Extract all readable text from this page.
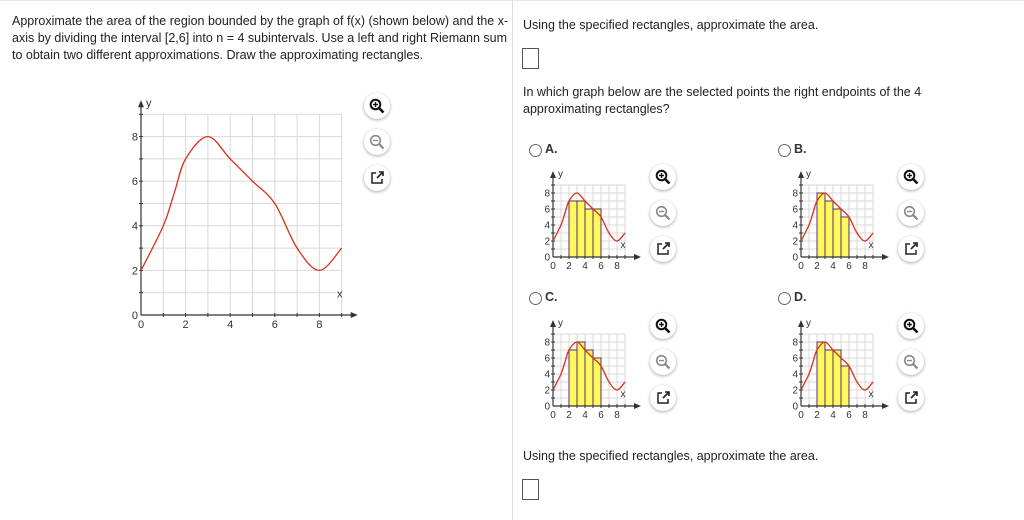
Approximate the area of the region bounded by the graph of f(x) (shown below) and the x-axis by dividing the interval [2,6] into n = 4 subintervals. Use a left and right Riemann sum to obtain two different approximations. Draw the approximating rectangles.
0	2	4	6	8
0
2
4
6
8
x
y
Using the specified rectangles, approximate the area.
In which graph below are the selected points the right endpoints of the 4 approximating rectangles?
Using the specified rectangles, approximate the area.
A.
0 2 4 6 8
0
2
4
6
8
x
y
B.
0 2 4 6 8
0
2
4
6
8
x
y
C.
0 2 4 6 8
0
2
4
6
8
x
y
D.
0 2 4 6 8
0
2
4
6
8
x
y
